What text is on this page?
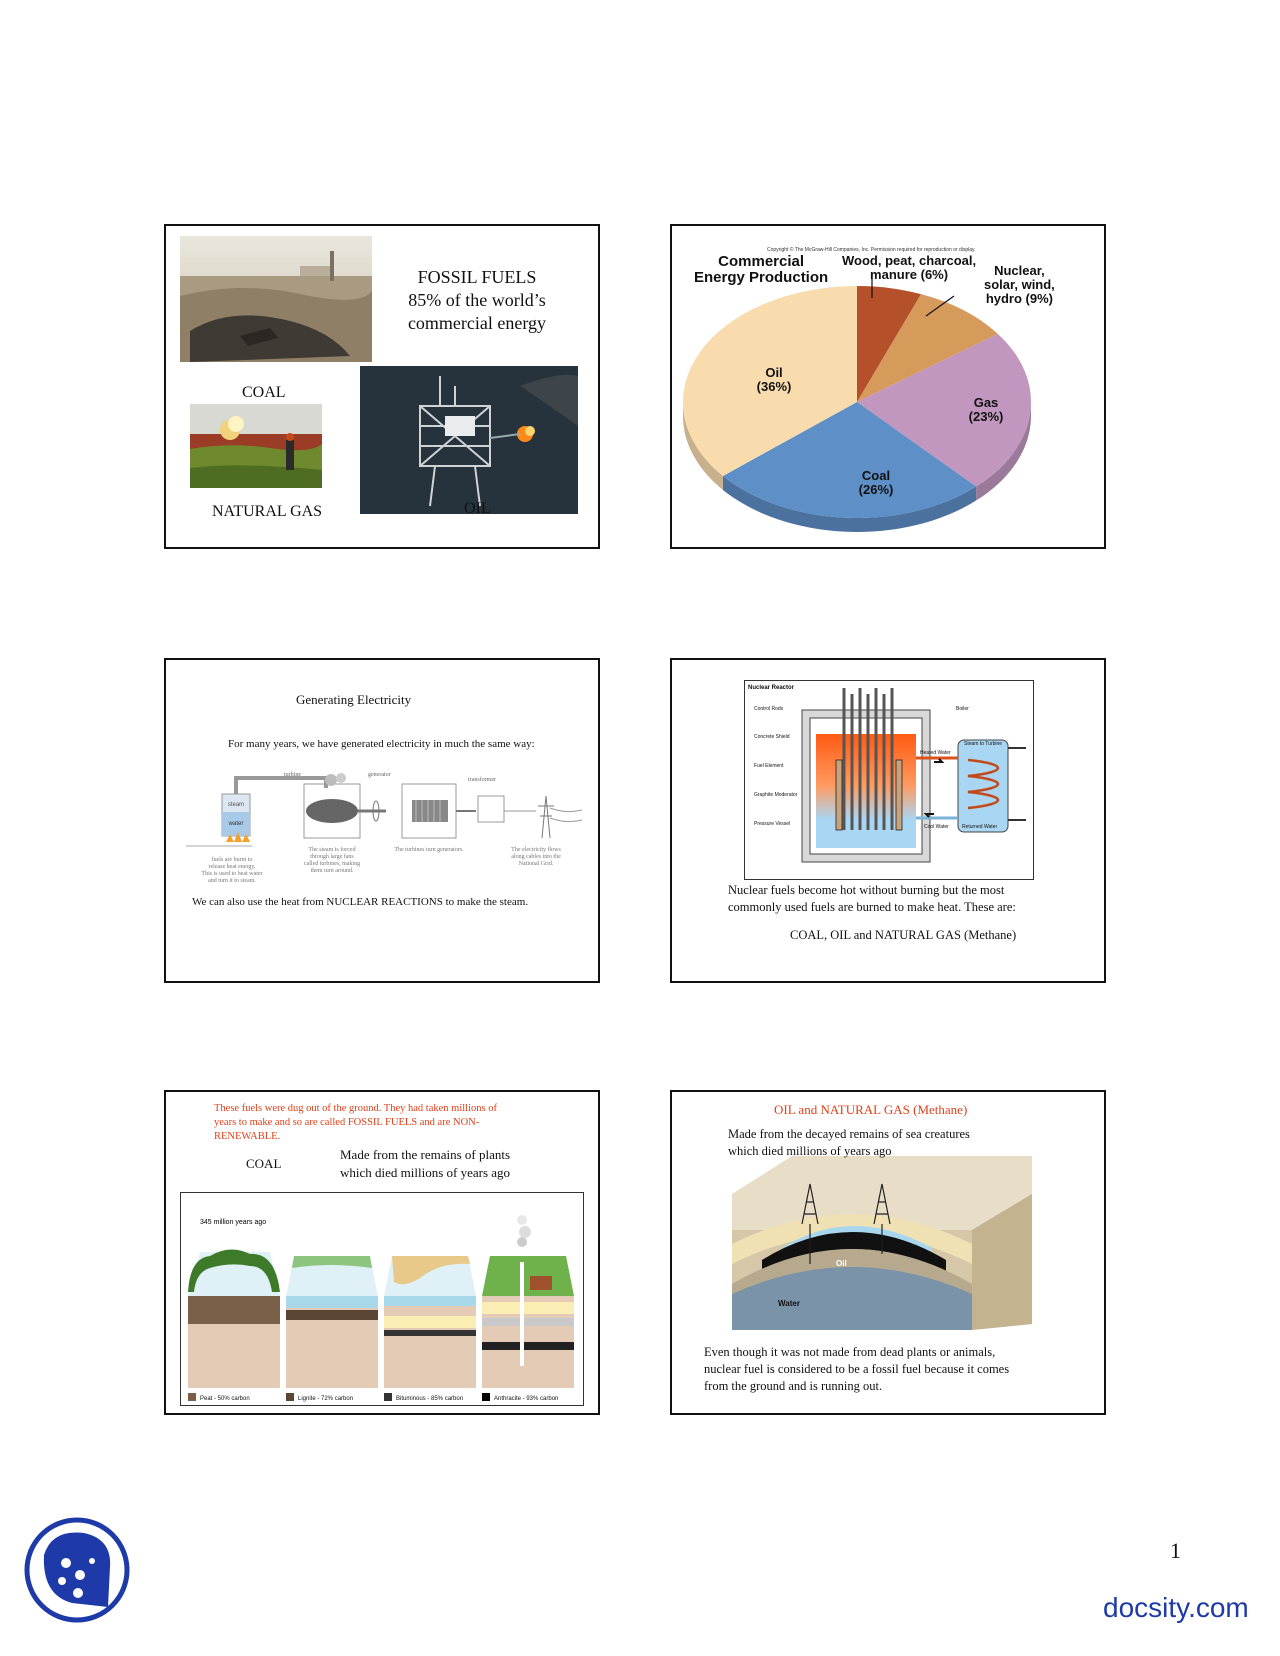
FOSSIL FUELS
85% of the world’s
commercial energy
COAL
NATURAL GAS	OIL
Copyright © The McGraw-Hill Companies, Inc. Permission required for reproduction or display.
Commercial
Energy Production
Wood, peat, charcoal,
manure (6%)	Nuclear,
solar, wind,
hydro (9%)
Oil
(36%)
Gas
(23%)
Coal
(26%)
Generating Electricity
For many years, we have generated electricity in much the same way:
steam
water
turbine	generator
transformer
fuels are burnt to
release heat energy.
This is used to heat water
and turn it to steam.
The steam is forced
through large fans
called turbines, making
them turn around.
The turbines turn generators.	The electricity flows
along cables into the
National Grid.
We can also use the heat from NUCLEAR REACTIONS to make the steam.
Nuclear Reactor
Control Rods
Concrete Shield
Fuel Element
Graphite Moderator
Pressure Vessel
Boiler
Steam to Turbine
Heated Water
Cool Water	Returned Water
Nuclear fuels become hot without burning but the most
commonly used fuels are burned to make heat. These are:
COAL, OIL and NATURAL GAS (Methane)
These fuels were dug out of the ground. They had taken millions of
years to make and so are called FOSSIL FUELS and are NON-
RENEWABLE.
COAL
Made from the remains of plants
which died millions of years ago
345 million years ago
Peat - 50% carbon	Lignite - 72% carbon	Bituminous - 85% carbon	Anthracite - 93% carbon
OIL and NATURAL GAS (Methane)
Gas
Oil
Water
Made from the decayed remains of sea creatures
which died millions of years ago
Even though it was not made from dead plants or animals,
nuclear fuel is considered to be a fossil fuel because it comes
from the ground and is running out.
1
docsity.com
